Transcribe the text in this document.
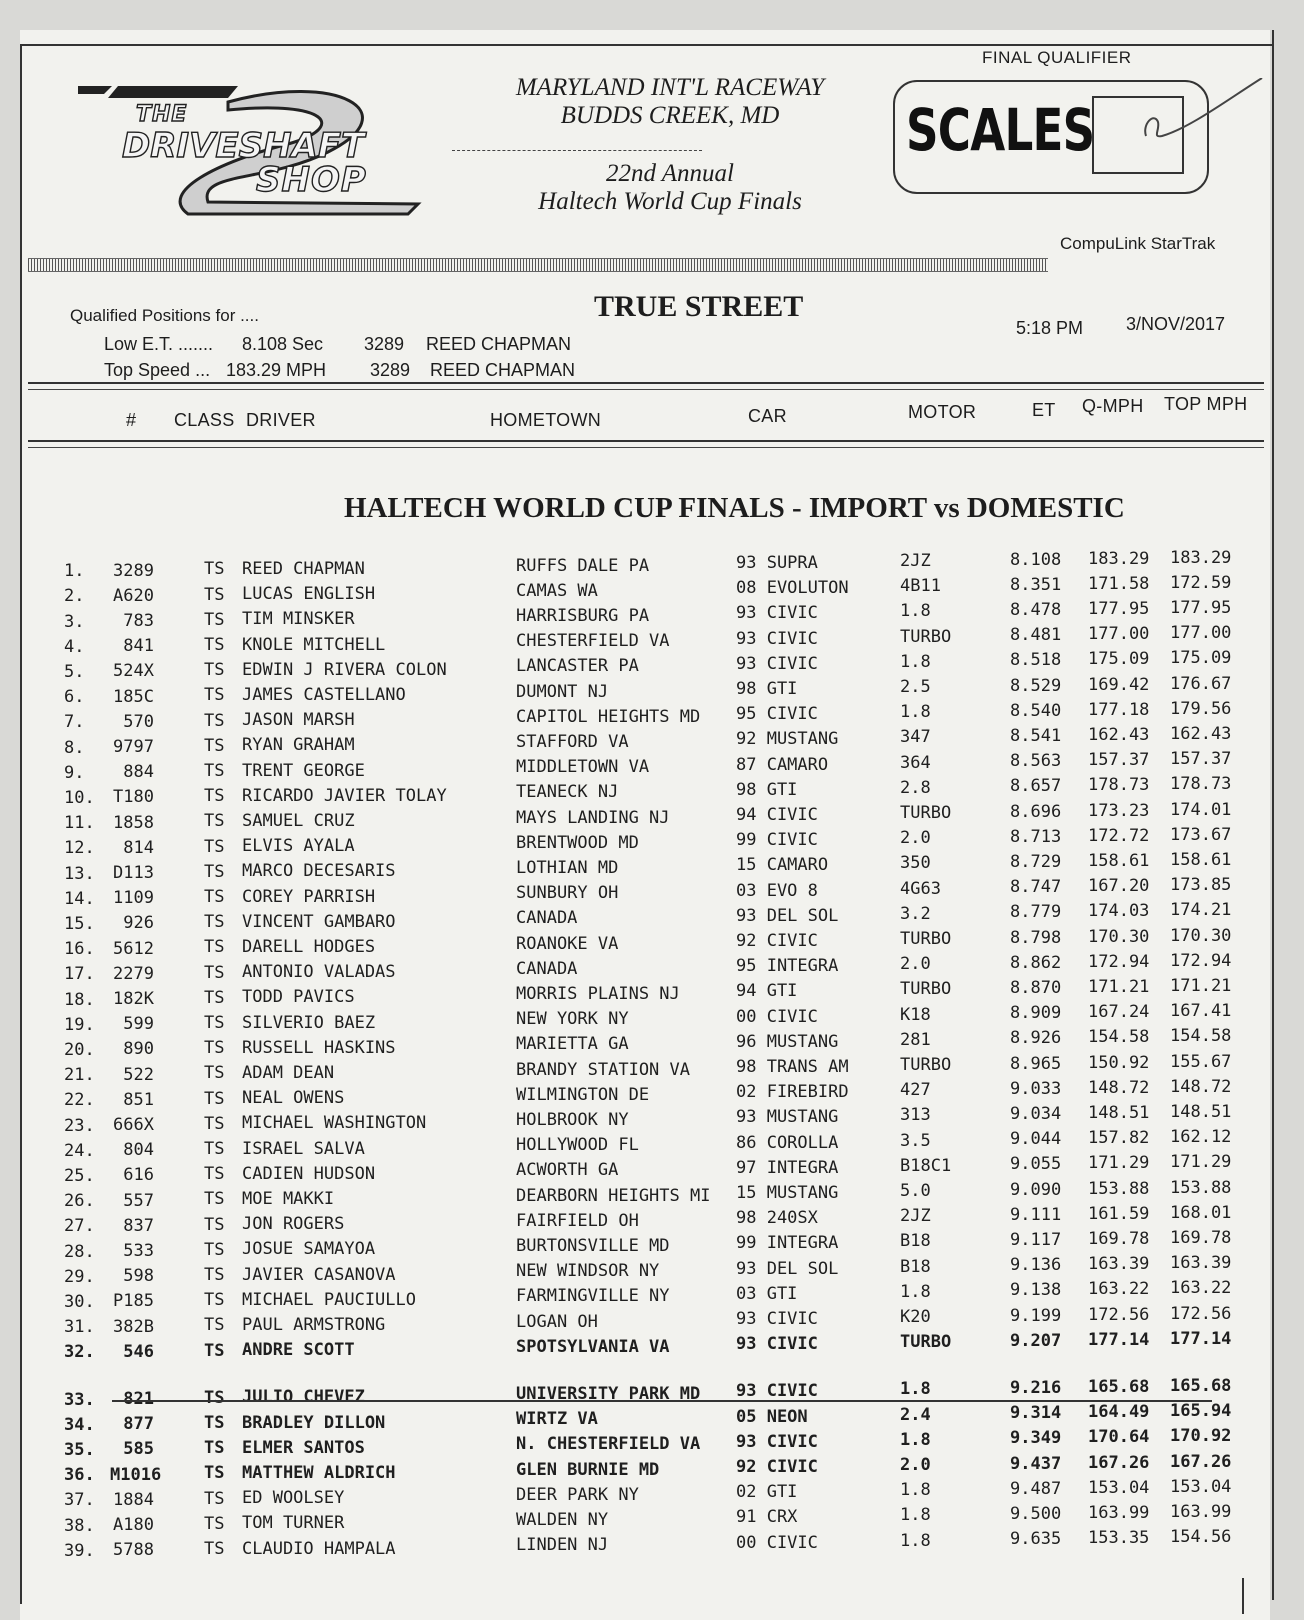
THE
DRIVESHAFT
SHOP
MARYLAND INT'L RACEWAY
BUDDS CREEK, MD
22nd Annual
Haltech World Cup Finals
FINAL QUALIFIER
SCALES
CompuLink StarTrak
Qualified Positions for ....
Low E.T. ....... 8.108 Sec 3289 REED CHAPMAN
Top Speed ... 183.29 MPH 3289 REED CHAPMAN
TRUE STREET
5:18 PM 3/NOV/2017
# CLASS DRIVER	HOMETOWN	CAR	MOTOR	ET Q-MPH TOP MPH
HALTECH WORLD CUP FINALS - IMPORT vs DOMESTIC
1. 3289	TS REED CHAPMAN	RUFFS DALE PA	93 SUPRA	2JZ	8.108 183.29 183.29
2. A620	TS LUCAS ENGLISH	CAMAS WA	08 EVOLUTON	4B11	8.351 171.58 172.59
3.	783	TS TIM MINSKER	HARRISBURG PA	93 CIVIC	1.8	8.478 177.95 177.95
4.	841	TS KNOLE MITCHELL	CHESTERFIELD VA	93 CIVIC	TURBO	8.481 177.00 177.00
5. 524X	TS EDWIN J RIVERA COLON	LANCASTER PA	93 CIVIC	1.8	8.518 175.09 175.09
6. 185C	TS JAMES CASTELLANO	DUMONT NJ	98 GTI	2.5	8.529 169.42 176.67
7.	570	TS JASON MARSH	CAPITOL HEIGHTS MD 95 CIVIC	1.8	8.540 177.18 179.56
8. 9797	TS RYAN GRAHAM	STAFFORD VA	92 MUSTANG	347	8.541 162.43 162.43
9.	884	TS TRENT GEORGE	MIDDLETOWN VA	87 CAMARO	364	8.563 157.37 157.37
10. T180	TS RICARDO JAVIER TOLAY	TEANECK NJ	98 GTI	2.8	8.657 178.73 178.73
11. 1858	TS SAMUEL CRUZ	MAYS LANDING NJ	94 CIVIC	TURBO	8.696 173.23 174.01
12.	814	TS ELVIS AYALA	BRENTWOOD MD	99 CIVIC	2.0	8.713 172.72 173.67
13. D113	TS MARCO DECESARIS	LOTHIAN MD	15 CAMARO	350	8.729 158.61 158.61
14. 1109	TS COREY PARRISH	SUNBURY OH	03 EVO 8	4G63	8.747 167.20 173.85
15.	926	TS VINCENT GAMBARO	CANADA	93 DEL SOL	3.2	8.779 174.03 174.21
16. 5612	TS DARELL HODGES	ROANOKE VA	92 CIVIC	TURBO	8.798 170.30 170.30
17. 2279	TS ANTONIO VALADAS	CANADA	95 INTEGRA	2.0	8.862 172.94 172.94
18. 182K	TS TODD PAVICS	MORRIS PLAINS NJ	94 GTI	TURBO	8.870 171.21 171.21
19.	599	TS SILVERIO BAEZ	NEW YORK NY	00 CIVIC	K18	8.909 167.24 167.41
20.	890	TS RUSSELL HASKINS	MARIETTA GA	96 MUSTANG	281	8.926 154.58 154.58
21.	522	TS ADAM DEAN	BRANDY STATION VA	98 TRANS AM	TURBO	8.965 150.92 155.67
22.	851	TS NEAL OWENS	WILMINGTON DE	02 FIREBIRD	427	9.033 148.72 148.72
23. 666X	TS MICHAEL WASHINGTON	HOLBROOK NY	93 MUSTANG	313	9.034 148.51 148.51
24.	804	TS ISRAEL SALVA	HOLLYWOOD FL	86 COROLLA	3.5	9.044 157.82 162.12
25.	616	TS CADIEN HUDSON	ACWORTH GA	97 INTEGRA	B18C1	9.055 171.29 171.29
26.	557	TS MOE MAKKI	DEARBORN HEIGHTS MI 15 MUSTANG	5.0	9.090 153.88 153.88
27.	837	TS JON ROGERS	FAIRFIELD OH	98 240SX	2JZ	9.111 161.59 168.01
28.	533	TS JOSUE SAMAYOA	BURTONSVILLE MD	99 INTEGRA	B18	9.117 169.78 169.78
29.	598	TS JAVIER CASANOVA	NEW WINDSOR NY	93 DEL SOL	B18	9.136 163.39 163.39
30. P185	TS MICHAEL PAUCIULLO	FARMINGVILLE NY	03 GTI	1.8	9.138 163.22 163.22
31. 382B	TS PAUL ARMSTRONG	LOGAN OH	93 CIVIC	K20	9.199 172.56 172.56
32.	546	TS ANDRE SCOTT	SPOTSYLVANIA VA	93 CIVIC	TURBO	9.207 177.14 177.14
33.	821	TS JULIO CHEVEZ	UNIVERSITY PARK MD 93 CIVIC	1.8	9.216 165.68 165.68
34.	877	TS BRADLEY DILLON	WIRTZ VA	05 NEON	2.4	9.314 164.49 165.94
35.	585	TS ELMER SANTOS	N. CHESTERFIELD VA 93 CIVIC	1.8	9.349 170.64 170.92
36. M1016	TS MATTHEW ALDRICH	GLEN BURNIE MD	92 CIVIC	2.0	9.437 167.26 167.26
37. 1884	TS ED WOOLSEY	DEER PARK NY	02 GTI	1.8	9.487 153.04 153.04
38. A180	TS TOM TURNER	WALDEN NY	91 CRX	1.8	9.500 163.99 163.99
39. 5788	TS CLAUDIO HAMPALA	LINDEN NJ	00 CIVIC	1.8	9.635 153.35 154.56
